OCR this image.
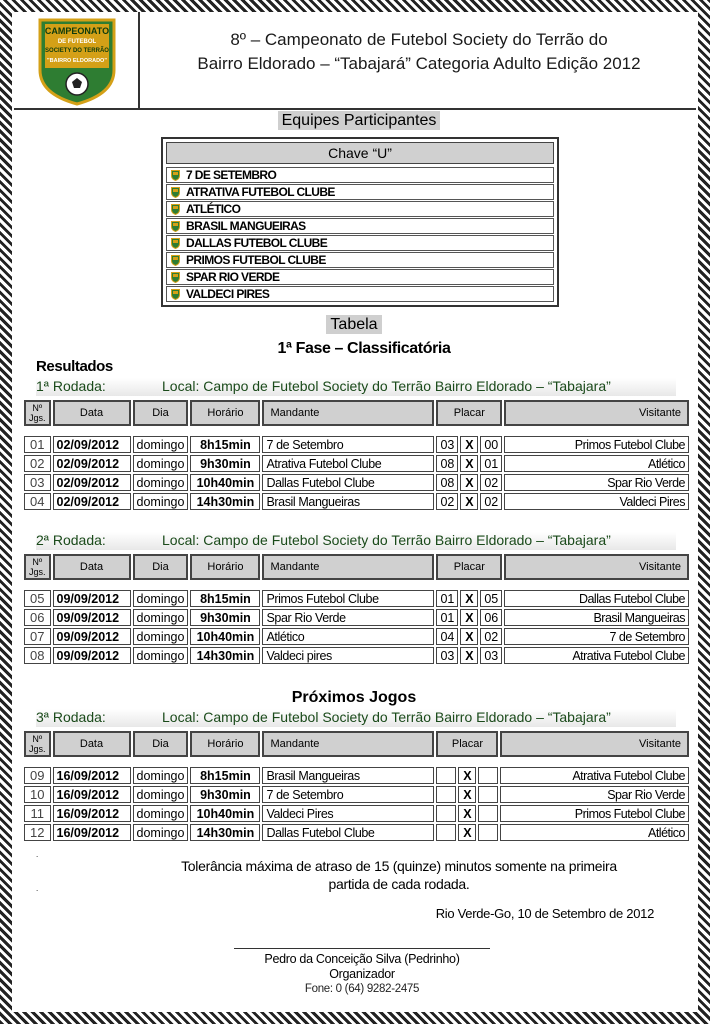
CAMPEONATO
DE FUTEBOL
SOCIETY DO TERRÃO
"BAIRRO ELDORADO"
8º – Campeonato de Futebol Society do Terrão do
Bairro Eldorado – “Tabajará” Categoria Adulto Edição 2012
Equipes Participantes
Chave “U”
7 DE SETEMBRO
ATRATIVA FUTEBOL CLUBE
ATLÉTICO
BRASIL MANGUEIRAS
DALLAS FUTEBOL CLUBE
PRIMOS FUTEBOL CLUBE
SPAR RIO VERDE
VALDECI PIRES
Tabela
1ª Fase – Classificatória
Resultados
1ª Rodada:	Local: Campo de Futebol Society do Terrão Bairro Eldorado – “Tabajara”
Nº Jgs.	Data	Dia	Horário	Mandante	Placar			Visitante

01	02/09/2012	domingo	8h15min	7 de Setembro	03	X	00	Primos Futebol Clube
02	02/09/2012	domingo	9h30min	Atrativa Futebol Clube	08	X	01	Atlético
03	02/09/2012	domingo	10h40min	Dallas Futebol Clube	08	X	02	Spar Rio Verde
04	02/09/2012	domingo	14h30min	Brasil Mangueiras	02	X	02	Valdeci Pires
2ª Rodada:	Local: Campo de Futebol Society do Terrão Bairro Eldorado – “Tabajara”
Nº Jgs.	Data	Dia	Horário	Mandante	Placar			Visitante

05	09/09/2012	domingo	8h15min	Primos Futebol Clube	01	X	05	Dallas Futebol Clube
06	09/09/2012	domingo	9h30min	Spar Rio Verde	01	X	06	Brasil Mangueiras
07	09/09/2012	domingo	10h40min	Atlético	04	X	02	7 de Setembro
08	09/09/2012	domingo	14h30min	Valdeci pires	03	X	03	Atrativa Futebol Clube
3ª Rodada:	Local: Campo de Futebol Society do Terrão Bairro Eldorado – “Tabajara”
Nº Jgs.	Data	Dia	Horário	Mandante	Placar			Visitante

09	16/09/2012	domingo	8h15min	Brasil Mangueiras		X		Atrativa Futebol Clube
10	16/09/2012	domingo	9h30min	7 de Setembro		X		Spar Rio Verde
11	16/09/2012	domingo	10h40min	Valdeci Pires		X		Primos Futebol Clube
12	16/09/2012	domingo	14h30min	Dallas Futebol Clube		X		Atlético
Próximos Jogos
.
.
Tolerância máxima de atraso de 15 (quinze) minutos somente na primeira
partida de cada rodada.
Rio Verde-Go, 10 de Setembro de 2012
Pedro da Conceição Silva (Pedrinho)
Organizador
Fone: 0 (64) 9282-2475
